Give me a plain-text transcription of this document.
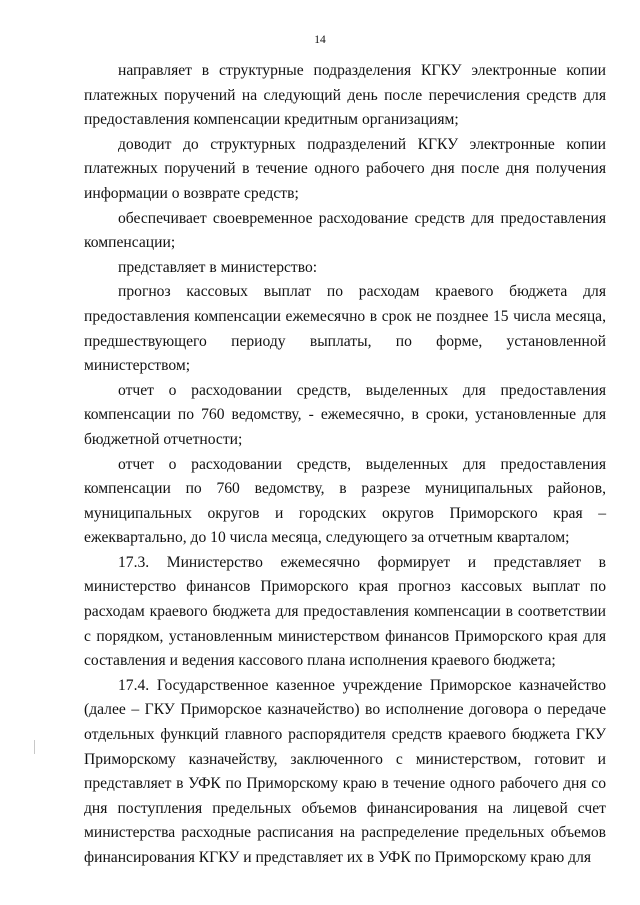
14

направляет в структурные подразделения КГКУ электронные копии платежных поручений на следующий день после перечисления средств для предоставления компенсации кредитным организациям;

доводит до структурных подразделений КГКУ электронные копии платежных поручений в течение одного рабочего дня после дня получения информации о возврате средств;

обеспечивает своевременное расходование средств для предоставления компенсации;

представляет в министерство:

прогноз кассовых выплат по расходам краевого бюджета для предоставления компенсации ежемесячно в срок не позднее 15 числа месяца, предшествующего периоду выплаты, по форме, установленной министерством;

отчет о расходовании средств, выделенных для предоставления компенсации по 760 ведомству, - ежемесячно, в сроки, установленные для бюджетной отчетности;

отчет о расходовании средств, выделенных для предоставления компенсации по 760 ведомству, в разрезе муниципальных районов, муниципальных округов и городских округов Приморского края – ежеквартально, до 10 числа месяца, следующего за отчетным кварталом;

17.3. Министерство ежемесячно формирует и представляет в министерство финансов Приморского края прогноз кассовых выплат по расходам краевого бюджета для предоставления компенсации в соответствии с порядком, установленным министерством финансов Приморского края для составления и ведения кассового плана исполнения краевого бюджета;

17.4. Государственное казенное учреждение Приморское казначейство (далее – ГКУ Приморское казначейство) во исполнение договора о передаче отдельных функций главного распорядителя средств краевого бюджета ГКУ Приморскому казначейству, заключенного с министерством, готовит и представляет в УФК по Приморскому краю в течение одного рабочего дня со дня поступления предельных объемов финансирования на лицевой счет министерства расходные расписания на распределение предельных объемов финансирования КГКУ и представляет их в УФК по Приморскому краю для
